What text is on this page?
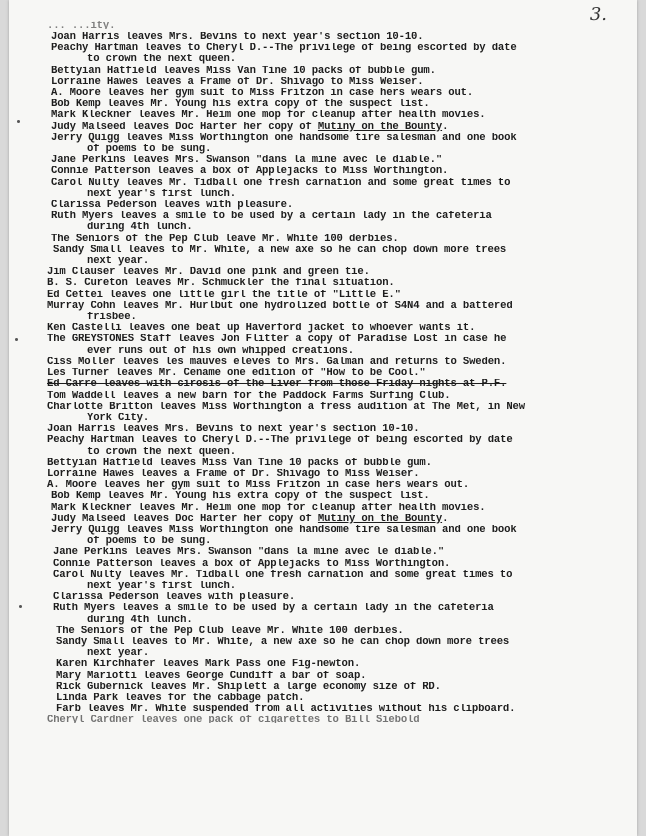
3.
... ...ity.
Joan Harris leaves Mrs. Bevins to next year's section 10-10.
Peachy Hartman leaves to Cheryl D.--The privilege of being escorted by date
to crown the next queen.
Bettyian Hatfield leaves Miss Van Tine 10 packs of bubble gum.
Lorraine Hawes leaves a Frame of Dr. Shivago to Miss Weiser.
A. Moore leaves her gym suit to Miss Fritzon in case hers wears out.
Bob Kemp leaves Mr. Young his extra copy of the suspect list.
Mark Kleckner leaves Mr. Heim one mop for cleanup after health movies.
Judy Malseed leaves Doc Harter her copy of Mutiny on the Bounty.
Jerry Quigg leaves Miss Worthington one handsome tire salesman and one book
of poems to be sung.
Jane Perkins leaves Mrs. Swanson "dans la mine avec le diable."
Connie Patterson leaves a box of Applejacks to Miss Worthington.
Carol Nulty leaves Mr. Tidball one fresh carnation and some great times to
next year's first lunch.
Clarissa Pederson leaves with pleasure.
Ruth Myers leaves a smile to be used by a certain lady in the cafeteria
during 4th lunch.
The Seniors of the Pep Club leave Mr. White 100 derbies.
Sandy Small leaves to Mr. White, a new axe so he can chop down more trees
next year.
Jim Clauser leaves Mr. David one pink and green tie.
B. S. Cureton leaves Mr. Schmuckler the final situation.
Ed Cettei leaves one little girl the title of "Little E."
Murray Cohn leaves Mr. Hurlbut one hydrolized bottle of S4N4 and a battered
frisbee.
Ken Castelli leaves one beat up Haverford jacket to whoever wants it.
The GREYSTONES Staff leaves Jon Flitter a copy of Paradise Lost in case he
ever runs out of his own whipped creations.
Ciss Moller leaves les mauves eleves to Mrs. Galman and returns to Sweden.
Les Turner leaves Mr. Cename one edition of "How to be Cool."
Ed Carre leaves with cirosis of the Liver from those Friday nights at P.F.
Tom Waddell leaves a new barn for the Paddock Farms Surfing Club.
Charlotte Britton leaves Miss Worthington a fress audition at The Met, in New
York City.
Joan Harris leaves Mrs. Bevins to next year's section 10-10.
Peachy Hartman leaves to Cheryl D.--The privilege of being escorted by date
to crown the next queen.
Bettyian Hatfield leaves Miss Van Tine 10 packs of bubble gum.
Lorraine Hawes leaves a Frame of Dr. Shivago to Miss Weiser.
A. Moore leaves her gym suit to Miss Fritzon in case hers wears out.
Bob Kemp leaves Mr. Young his extra copy of the suspect list.
Mark Kleckner leaves Mr. Heim one mop for cleanup after health movies.
Judy Malseed leaves Doc Harter her copy of Mutiny on the Bounty.
Jerry Quigg leaves Miss Worthington one handsome tire salesman and one book
of poems to be sung.
Jane Perkins leaves Mrs. Swanson "dans la mine avec le diable."
Connie Patterson leaves a box of Applejacks to Miss Worthington.
Carol Nulty leaves Mr. Tidball one fresh carnation and some great times to
next year's first lunch.
Clarissa Pederson leaves with pleasure.
Ruth Myers leaves a smile to be used by a certain lady in the cafeteria
during 4th lunch.
The Seniors of the Pep Club leave Mr. White 100 derbies.
Sandy Small leaves to Mr. White, a new axe so he can chop down more trees
next year.
Karen Kirchhafer leaves Mark Pass one Fig-newton.
Mary Mariotti leaves George Cundiff a bar of soap.
Rick Gubernick leaves Mr. Shiplett a large economy size of RD.
Linda Park leaves for the cabbage patch.
Farb leaves Mr. White suspended from all activities without his clipboard.
Cheryl Cardner leaves one pack of cigarettes to Bill Siebold
